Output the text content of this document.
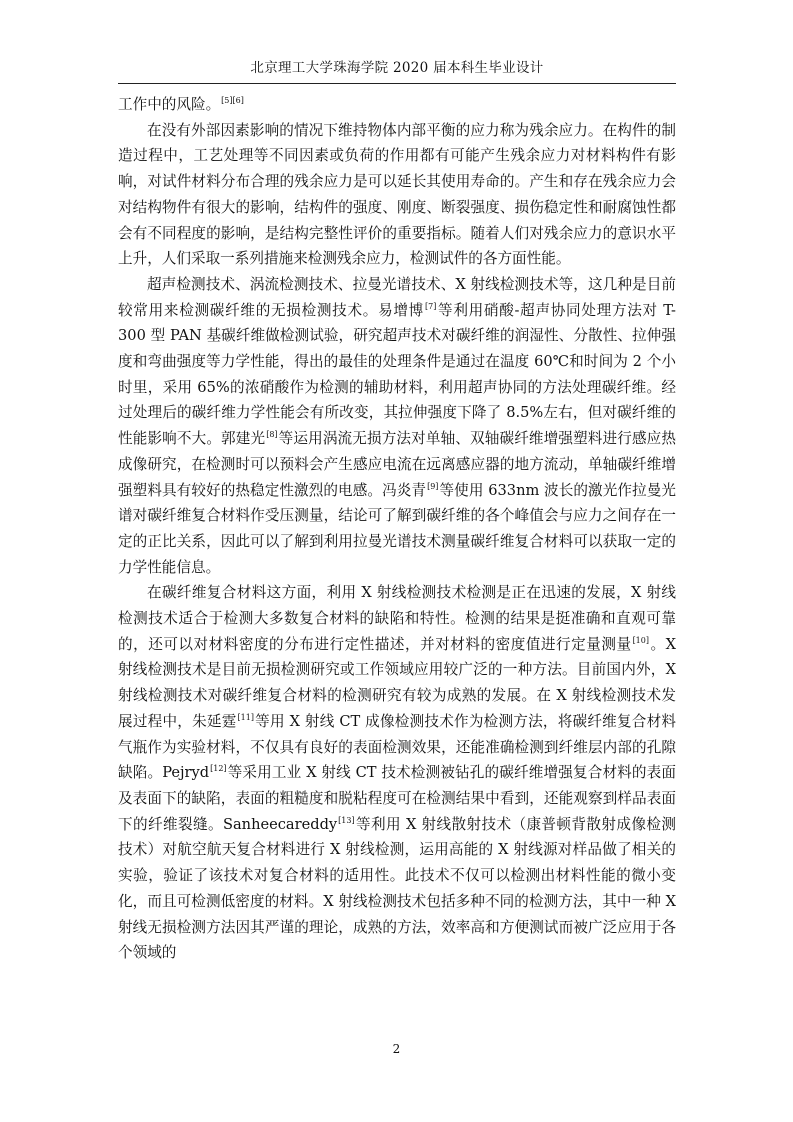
北京理工大学珠海学院 2020 届本科生毕业设计

工作中的风险。[5][6]

在没有外部因素影响的情况下维持物体内部平衡的应力称为残余应力。在构件的制造过程中，工艺处理等不同因素或负荷的作用都有可能产生残余应力对材料构件有影响，对试件材料分布合理的残余应力是可以延长其使用寿命的。产生和存在残余应力会对结构物件有很大的影响，结构件的强度、刚度、断裂强度、损伤稳定性和耐腐蚀性都会有不同程度的影响，是结构完整性评价的重要指标。随着人们对残余应力的意识水平上升，人们采取一系列措施来检测残余应力，检测试件的各方面性能。

超声检测技术、涡流检测技术、拉曼光谱技术、X 射线检测技术等，这几种是目前较常用来检测碳纤维的无损检测技术。易增博[7]等利用硝酸-超声协同处理方法对 T-300 型 PAN 基碳纤维做检测试验，研究超声技术对碳纤维的润湿性、分散性、拉伸强度和弯曲强度等力学性能，得出的最佳的处理条件是通过在温度 60℃和时间为 2 个小时里，采用 65%的浓硝酸作为检测的辅助材料，利用超声协同的方法处理碳纤维。经过处理后的碳纤维力学性能会有所改变，其拉伸强度下降了 8.5%左右，但对碳纤维的性能影响不大。郭建光[8]等运用涡流无损方法对单轴、双轴碳纤维增强塑料进行感应热成像研究，在检测时可以预料会产生感应电流在远离感应器的地方流动，单轴碳纤维增强塑料具有较好的热稳定性激烈的电感。冯炎青[9]等使用 633nm 波长的激光作拉曼光谱对碳纤维复合材料作受压测量，结论可了解到碳纤维的各个峰值会与应力之间存在一定的正比关系，因此可以了解到利用拉曼光谱技术测量碳纤维复合材料可以获取一定的力学性能信息。

在碳纤维复合材料这方面，利用 X 射线检测技术检测是正在迅速的发展，X 射线检测技术适合于检测大多数复合材料的缺陷和特性。检测的结果是挺准确和直观可靠的，还可以对材料密度的分布进行定性描述，并对材料的密度值进行定量测量[10]。X 射线检测技术是目前无损检测研究或工作领域应用较广泛的一种方法。目前国内外，X 射线检测技术对碳纤维复合材料的检测研究有较为成熟的发展。在 X 射线检测技术发展过程中，朱延霆[11]等用 X 射线 CT 成像检测技术作为检测方法，将碳纤维复合材料气瓶作为实验材料，不仅具有良好的表面检测效果，还能准确检测到纤维层内部的孔隙缺陷。Pejryd[12]等采用工业 X 射线 CT 技术检测被钻孔的碳纤维增强复合材料的表面及表面下的缺陷，表面的粗糙度和脱粘程度可在检测结果中看到，还能观察到样品表面下的纤维裂缝。Sanheecareddy[13]等利用 X 射线散射技术（康普顿背散射成像检测技术）对航空航天复合材料进行 X 射线检测，运用高能的 X 射线源对样品做了相关的实验，验证了该技术对复合材料的适用性。此技术不仅可以检测出材料性能的微小变化，而且可检测低密度的材料。X 射线检测技术包括多种不同的检测方法，其中一种 X 射线无损检测方法因其严谨的理论，成熟的方法，效率高和方便测试而被广泛应用于各个领域的

2
